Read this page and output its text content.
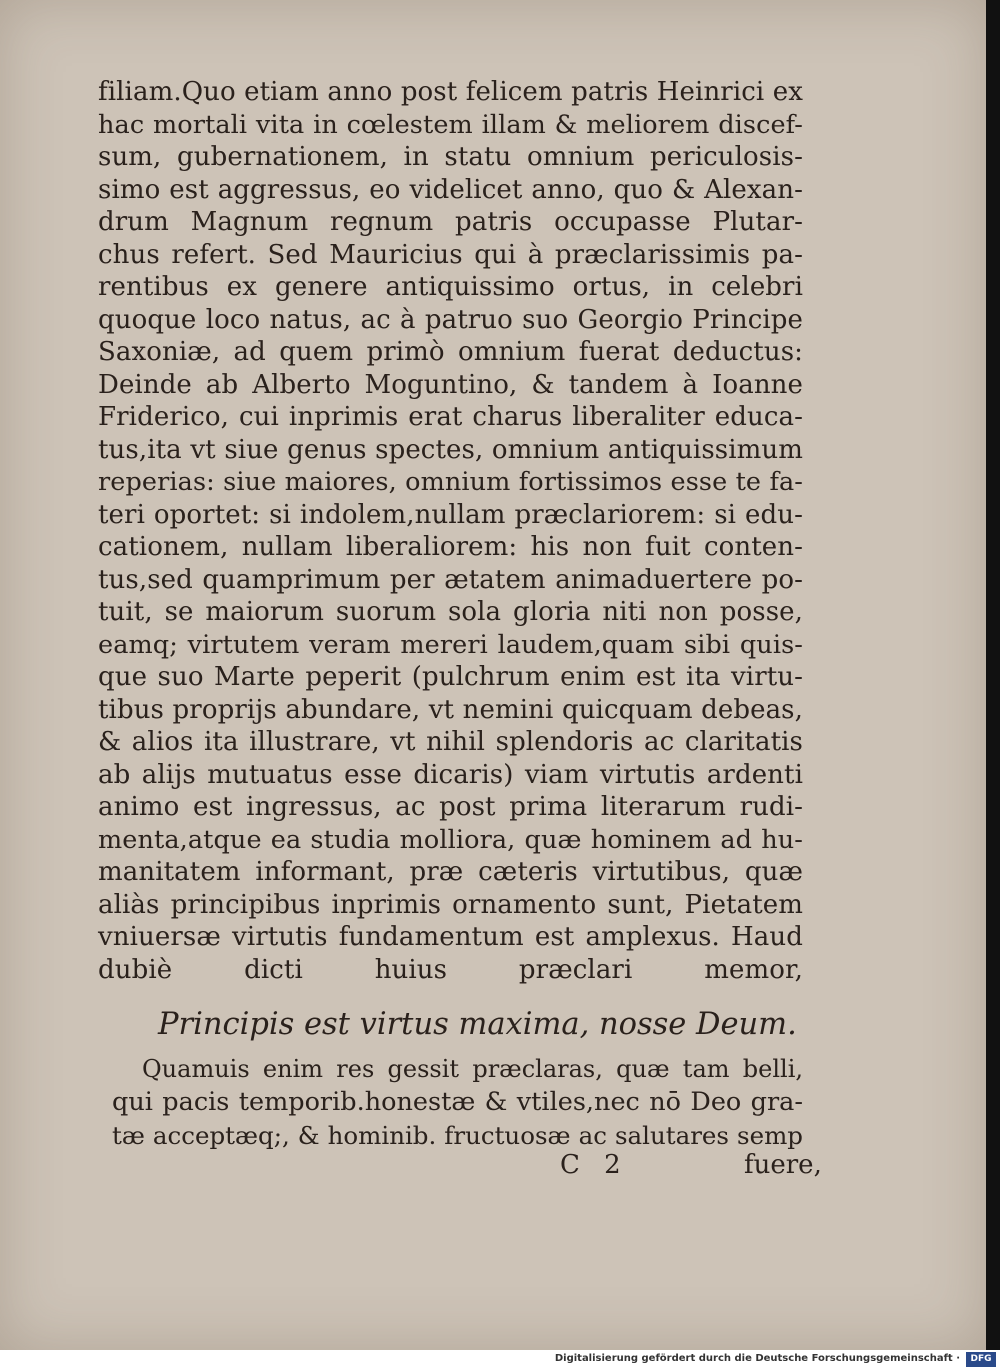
filiam.Quo etiam anno post felicem patris Heinrici ex
hac mortali vita in cœlestem illam & meliorem discef-
sum, gubernationem, in statu omnium periculosis-
simo est aggressus, eo videlicet anno, quo & Alexan-
drum Magnum regnum patris occupasse Plutar-
chus refert. Sed Mauricius qui à præclarissimis pa-
rentibus ex genere antiquissimo ortus, in celebri
quoque loco natus, ac à patruo suo Georgio Principe
Saxoniæ, ad quem primò omnium fuerat deductus:
Deinde ab Alberto Moguntino, & tandem à Ioanne
Friderico, cui inprimis erat charus liberaliter educa-
tus,ita vt siue genus spectes, omnium antiquissimum
reperias: siue maiores, omnium fortissimos esse te fa-
teri oportet: si indolem,nullam præclariorem: si edu-
cationem, nullam liberaliorem: his non fuit conten-
tus,sed quamprimum per ætatem animaduertere po-
tuit, se maiorum suorum sola gloria niti non posse,
eamq; virtutem veram mereri laudem,quam sibi quis-
que suo Marte peperit (pulchrum enim est ita virtu-
tibus proprijs abundare, vt nemini quicquam debeas,
& alios ita illustrare, vt nihil splendoris ac claritatis
ab alijs mutuatus esse dicaris) viam virtutis ardenti
animo est ingressus, ac post prima literarum rudi-
menta,atque ea studia molliora, quæ hominem ad hu-
manitatem informant, præ cæteris virtutibus, quæ
aliàs principibus inprimis ornamento sunt, Pietatem
vniuersæ virtutis fundamentum est amplexus. Haud
dubiè dicti huius præclari memor,
Principis est virtus maxima, nosse Deum.
Quamuis enim res gessit præclaras, quæ tam belli,
qui pacis temporib.honestæ & vtiles,nec nō Deo gra-
tæ acceptæq;, & hominib. fructuosæ ac salutares semp
C 2	fuere,
Digitalisierung gefördert durch die Deutsche Forschungsgemeinschaft ·	DFG
